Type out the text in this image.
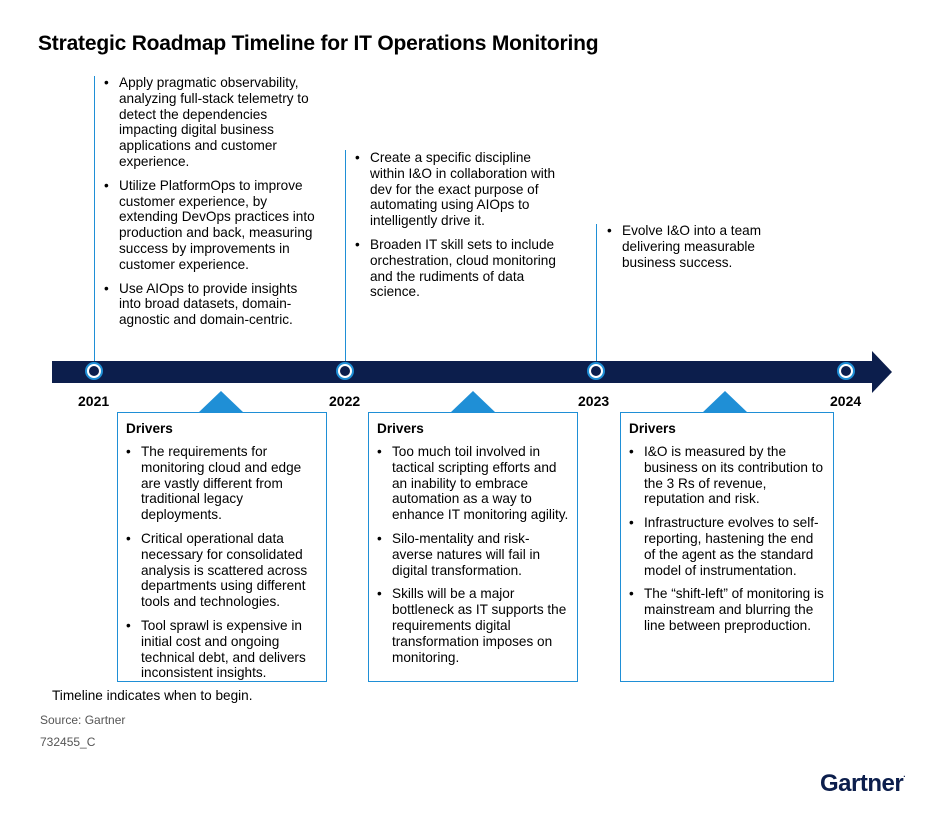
Strategic Roadmap Timeline for IT Operations Monitoring
• Apply pragmatic observability, analyzing full-stack telemetry to detect the dependencies impacting digital business applications and customer experience.
• Utilize PlatformOps to improve customer experience, by extending DevOps practices into production and back, measuring success by improvements in customer experience.
• Use AIOps to provide insights into broad datasets, domain-agnostic and domain-centric.
• Create a specific discipline within I&O in collaboration with dev for the exact purpose of automating using AIOps to intelligently drive it.
• Broaden IT skill sets to include orchestration, cloud monitoring and the rudiments of data science.
• Evolve I&O into a team delivering measurable business success.
2021	2022	2023	2024
Drivers
• The requirements for monitoring cloud and edge are vastly different from traditional legacy deployments.
• Critical operational data necessary for consolidated analysis is scattered across departments using different tools and technologies.
• Tool sprawl is expensive in initial cost and ongoing technical debt, and delivers inconsistent insights.
Drivers
• Too much toil involved in tactical scripting efforts and an inability to embrace automation as a way to enhance IT monitoring agility.
• Silo-mentality and risk-averse natures will fail in digital transformation.
• Skills will be a major bottleneck as IT supports the requirements digital transformation imposes on monitoring.
Drivers
• I&O is measured by the business on its contribution to the 3 Rs of revenue, reputation and risk.
• Infrastructure evolves to self-reporting, hastening the end of the agent as the standard model of instrumentation.
• The “shift-left” of monitoring is mainstream and blurring the line between preproduction.
Timeline indicates when to begin.
Source: Gartner
732455_C
Gartner.
